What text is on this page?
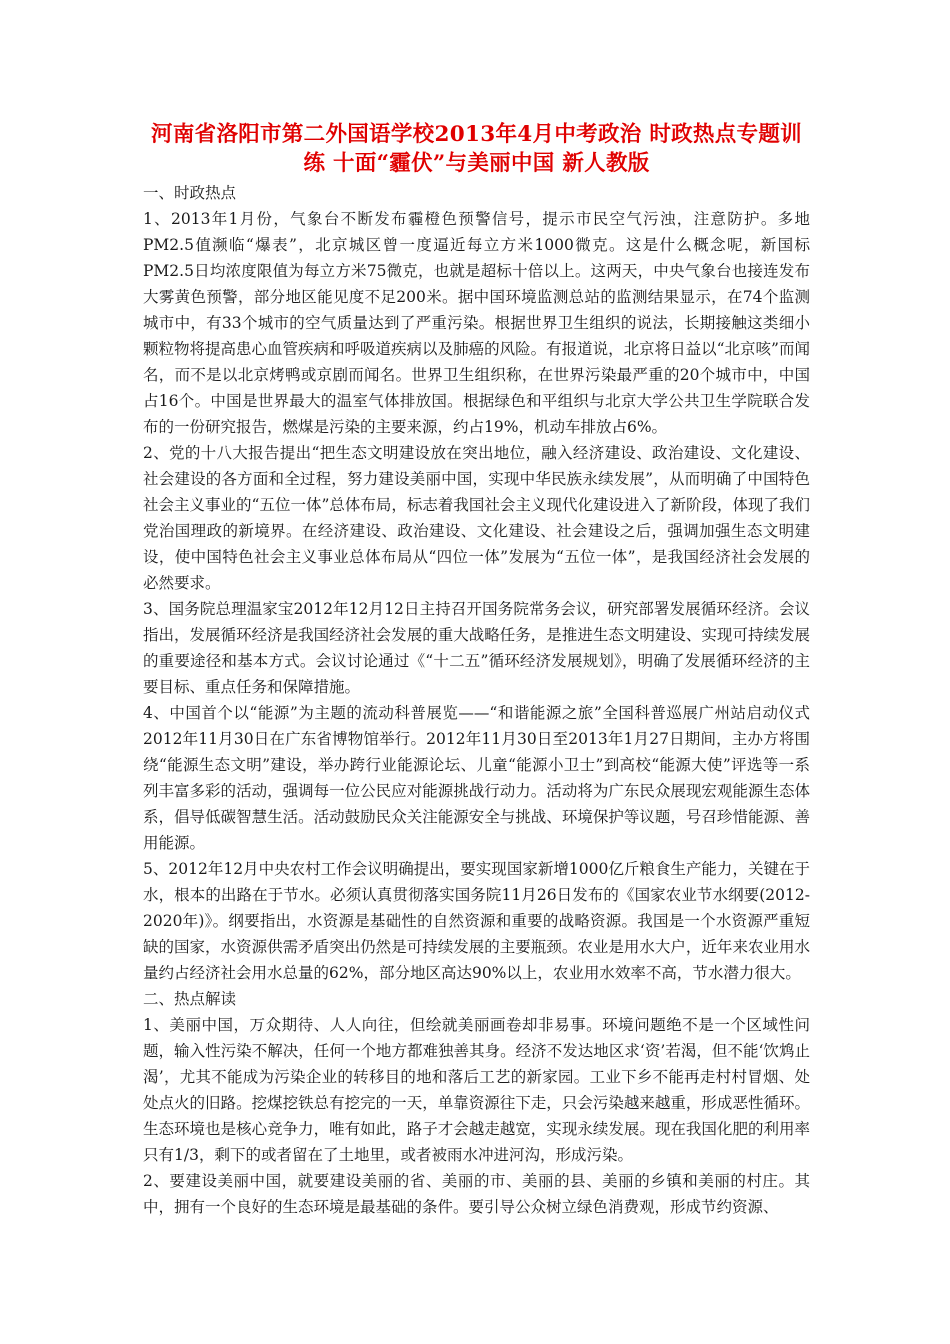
河南省洛阳市第二外国语学校2013年4月中考政治 时政热点专题训练 十面“霾伏”与美丽中国 新人教版

一、时政热点

1、2013年1月份，气象台不断发布霾橙色预警信号，提示市民空气污浊，注意防护。多地PM2.5值濒临“爆表”，北京城区曾一度逼近每立方米1000微克。这是什么概念呢，新国标PM2.5日均浓度限值为每立方米75微克，也就是超标十倍以上。这两天，中央气象台也接连发布大雾黄色预警，部分地区能见度不足200米。据中国环境监测总站的监测结果显示，在74个监测城市中，有33个城市的空气质量达到了严重污染。根据世界卫生组织的说法，长期接触这类细小颗粒物将提高患心血管疾病和呼吸道疾病以及肺癌的风险。有报道说，北京将日益以“北京咳”而闻名，而不是以北京烤鸭或京剧而闻名。世界卫生组织称，在世界污染最严重的20个城市中，中国占16个。中国是世界最大的温室气体排放国。根据绿色和平组织与北京大学公共卫生学院联合发布的一份研究报告，燃煤是污染的主要来源，约占19%，机动车排放占6%。

2、党的十八大报告提出“把生态文明建设放在突出地位，融入经济建设、政治建设、文化建设、社会建设的各方面和全过程，努力建设美丽中国，实现中华民族永续发展”，从而明确了中国特色社会主义事业的“五位一体”总体布局，标志着我国社会主义现代化建设进入了新阶段，体现了我们党治国理政的新境界。在经济建设、政治建设、文化建设、社会建设之后，强调加强生态文明建设，使中国特色社会主义事业总体布局从“四位一体”发展为“五位一体”，是我国经济社会发展的必然要求。

3、国务院总理温家宝2012年12月12日主持召开国务院常务会议，研究部署发展循环经济。会议指出，发展循环经济是我国经济社会发展的重大战略任务，是推进生态文明建设、实现可持续发展的重要途径和基本方式。会议讨论通过《“十二五”循环经济发展规划》，明确了发展循环经济的主要目标、重点任务和保障措施。

4、中国首个以“能源”为主题的流动科普展览——“和谐能源之旅”全国科普巡展广州站启动仪式2012年11月30日在广东省博物馆举行。2012年11月30日至2013年1月27日期间，主办方将围绕“能源生态文明”建设，举办跨行业能源论坛、儿童“能源小卫士”到高校“能源大使”评选等一系列丰富多彩的活动，强调每一位公民应对能源挑战行动力。活动将为广东民众展现宏观能源生态体系，倡导低碳智慧生活。活动鼓励民众关注能源安全与挑战、环境保护等议题，号召珍惜能源、善用能源。

5、2012年12月中央农村工作会议明确提出，要实现国家新增1000亿斤粮食生产能力，关键在于水，根本的出路在于节水。必须认真贯彻落实国务院11月26日发布的《国家农业节水纲要(2012-2020年)》。纲要指出，水资源是基础性的自然资源和重要的战略资源。我国是一个水资源严重短缺的国家，水资源供需矛盾突出仍然是可持续发展的主要瓶颈。农业是用水大户，近年来农业用水量约占经济社会用水总量的62%，部分地区高达90%以上，农业用水效率不高，节水潜力很大。

二、热点解读

1、美丽中国，万众期待、人人向往，但绘就美丽画卷却非易事。环境问题绝不是一个区域性问题，输入性污染不解决，任何一个地方都难独善其身。经济不发达地区求‘资’若渴，但不能‘饮鸩止渴’，尤其不能成为污染企业的转移目的地和落后工艺的新家园。工业下乡不能再走村村冒烟、处处点火的旧路。挖煤挖铁总有挖完的一天，单靠资源往下走，只会污染越来越重，形成恶性循环。生态环境也是核心竞争力，唯有如此，路子才会越走越宽，实现永续发展。现在我国化肥的利用率只有1/3，剩下的或者留在了土地里，或者被雨水冲进河沟，形成污染。

2、要建设美丽中国，就要建设美丽的省、美丽的市、美丽的县、美丽的乡镇和美丽的村庄。其中，拥有一个良好的生态环境是最基础的条件。要引导公众树立绿色消费观，形成节约资源、
